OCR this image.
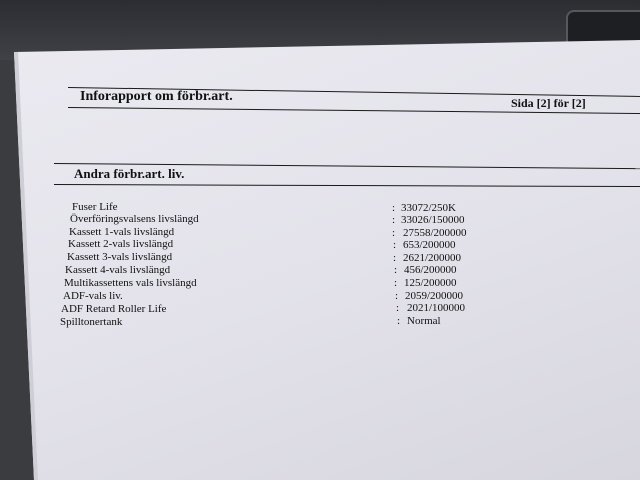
Inforapport om förbr.art.	Sida [2] för [2]
Andra förbr.art. liv.
Fuser Life	: 33072/250K
Överföringsvalsens livslängd	: 33026/150000
Kassett 1-vals livslängd	: 27558/200000
Kassett 2-vals livslängd	: 653/200000
Kassett 3-vals livslängd	: 2621/200000
Kassett 4-vals livslängd	: 456/200000
Multikassettens vals livslängd	: 125/200000
ADF-vals liv.	: 2059/200000
ADF Retard Roller Life	: 2021/100000
Spilltonertank	: Normal
